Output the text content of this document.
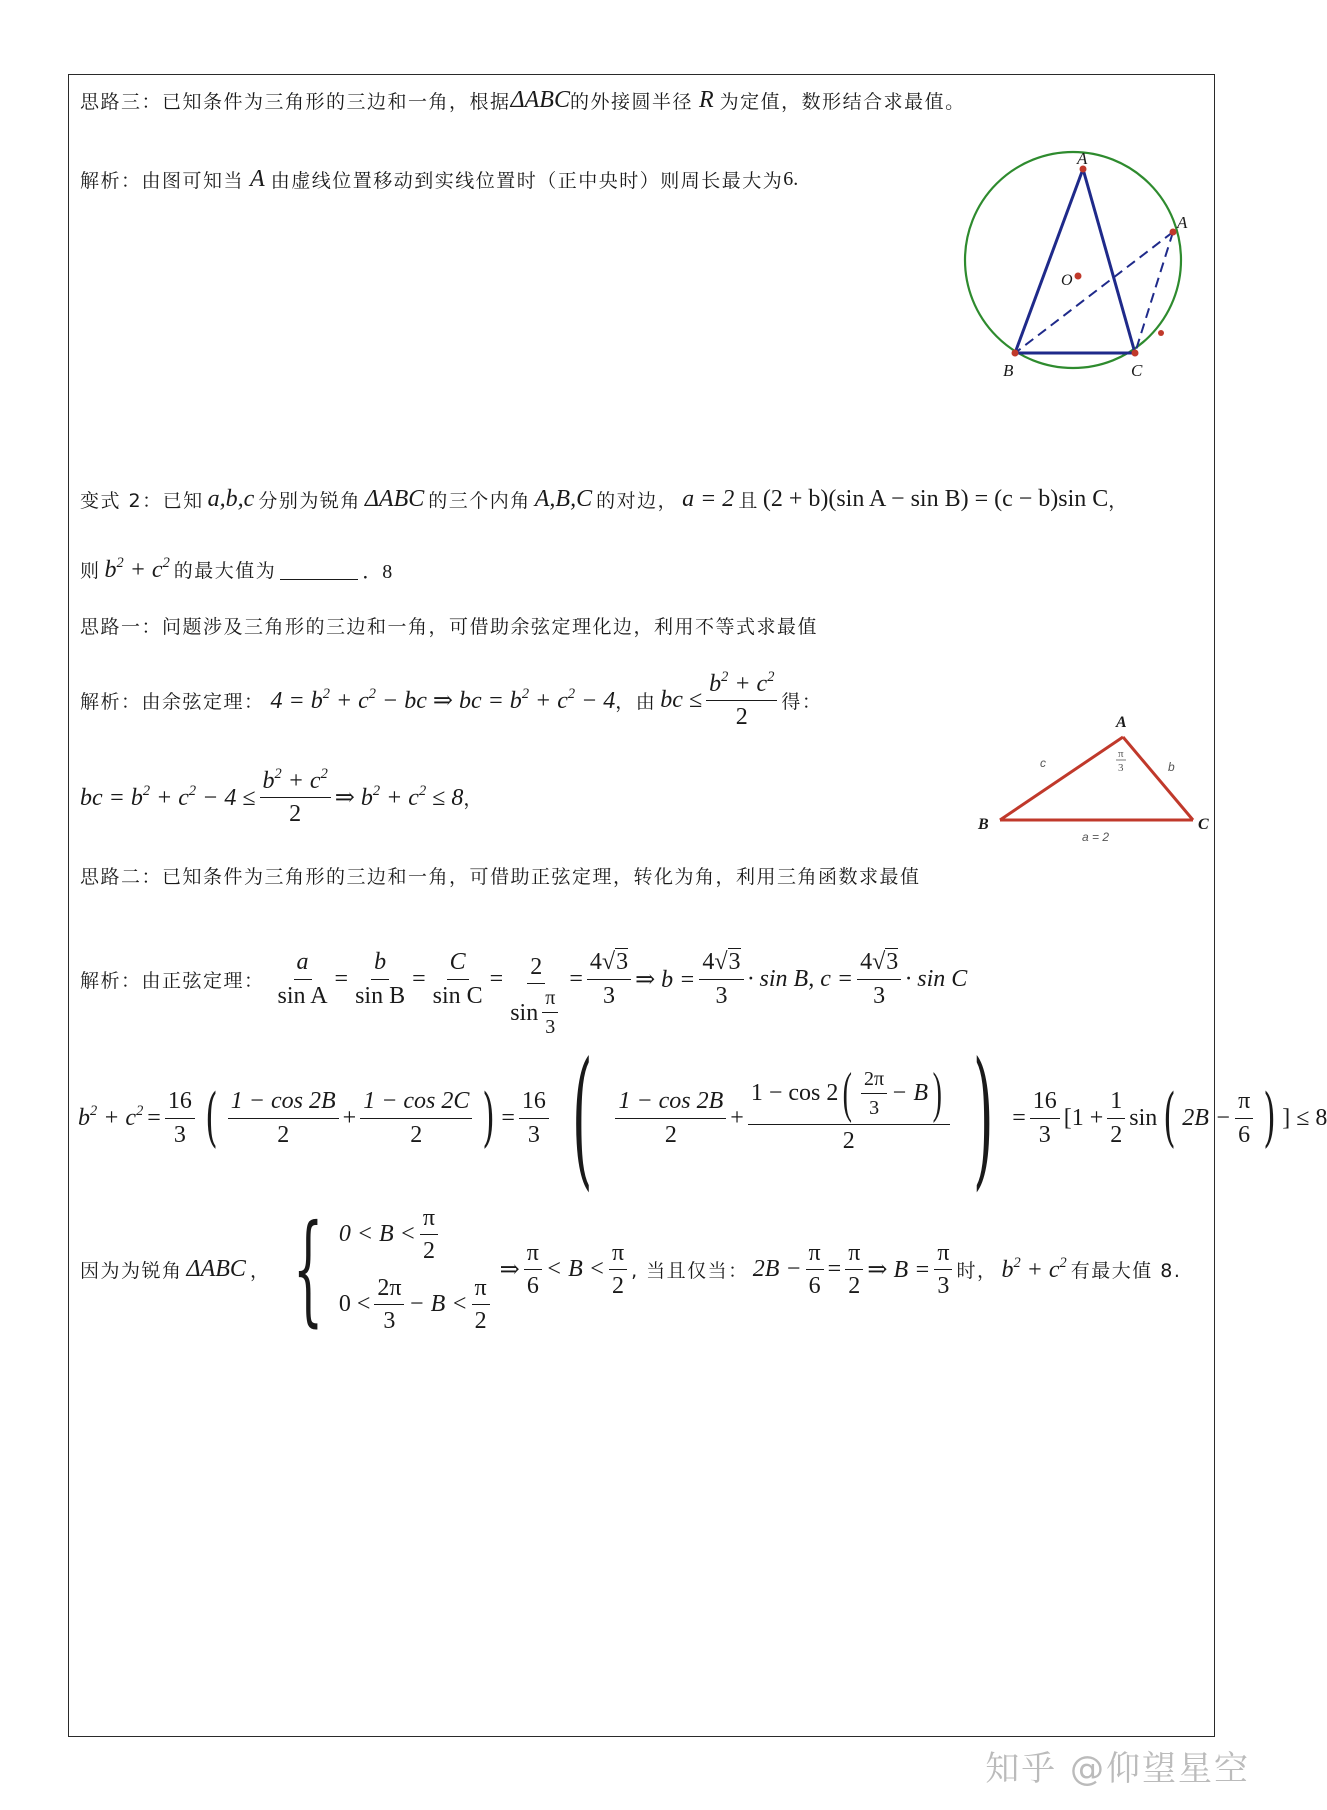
思路三： 已知条件为三角形的三边和一角，根据 ΔABC 的外接圆半径 R 为定值，数形结合求最值。
解析： 由图可知当 A 由虚线位置移动到实线位置时（正中央时）则周长最大为 6.
A
A
O
B	C
变式 2： 已知 a,b,c 分别为锐角 ΔABC 的三个内角 A,B,C 的对边， a = 2 且 (2 + b)(sin A − sin B) = (c − b)sin C ，
则 $b^2 + c^2$ 的最大值为	．8
思路一： 问题涉及三角形的三边和一角，可借助余弦定理化边，利用不等式求最值
解析： 由余弦定理： $4 = b^2 + c^2$ − bc ⇒ bc = $b^2 + c^2 - 4$ ，由 bc ≤ $\frac{b^2 + c^2}{2}$ 得：
bc = $b^2 + c^2 - 4 \le \frac{b^2 + c^2}{2}$ ⇒ $b^2 + c^2 \le 8$ ，
A
B	C
c	b
π
3
a = 2
思路二： 已知条件为三角形的三边和一角，可借助正弦定理，转化为角，利用三角函数求最值
解析： 由正弦定理： $\frac{a}{\text{sin A}} = \frac{b}{\text{sin B}} = \frac{C}{\text{sin C}} = \frac{2}{\sin \frac{\pi}{3}} = \frac{4√3}{3}$ ⇒ $b = \frac{4√3}{3} \cdot \sin B$, $c = \frac{4√3}{3} \cdot \sin C$
$b^2 + c^2 = \frac{16}{3}$ ( $\frac{1 - \cos 2B}{2} + \frac{1 - \cos 2C}{2}$ ) = $\frac{16}{3}$ ( $\frac{1 - \cos 2B}{2} + \frac{1 - \cos 2 ( \frac{2\pi}{3} - B )}{2}$ ) = $\frac{16}{3} [1 + \frac{1}{2}$ sin ( $2B - \frac{\pi}{6}$ ) ] ≤ 8
因为为锐角 ΔABC ， { $0 < B < \frac{\pi}{2}$
$0 < \frac{2\pi}{3} - B < \frac{\pi}{2}$
⇒ $\frac{\pi}{6} < B < \frac{\pi}{2}$ , 当且仅当： $2B - \frac{\pi}{6} = \frac{\pi}{2}$ ⇒ $B = \frac{\pi}{3}$ 时， $b^2 + c^2$ 有最大值 8.
知乎 @仰望星空
